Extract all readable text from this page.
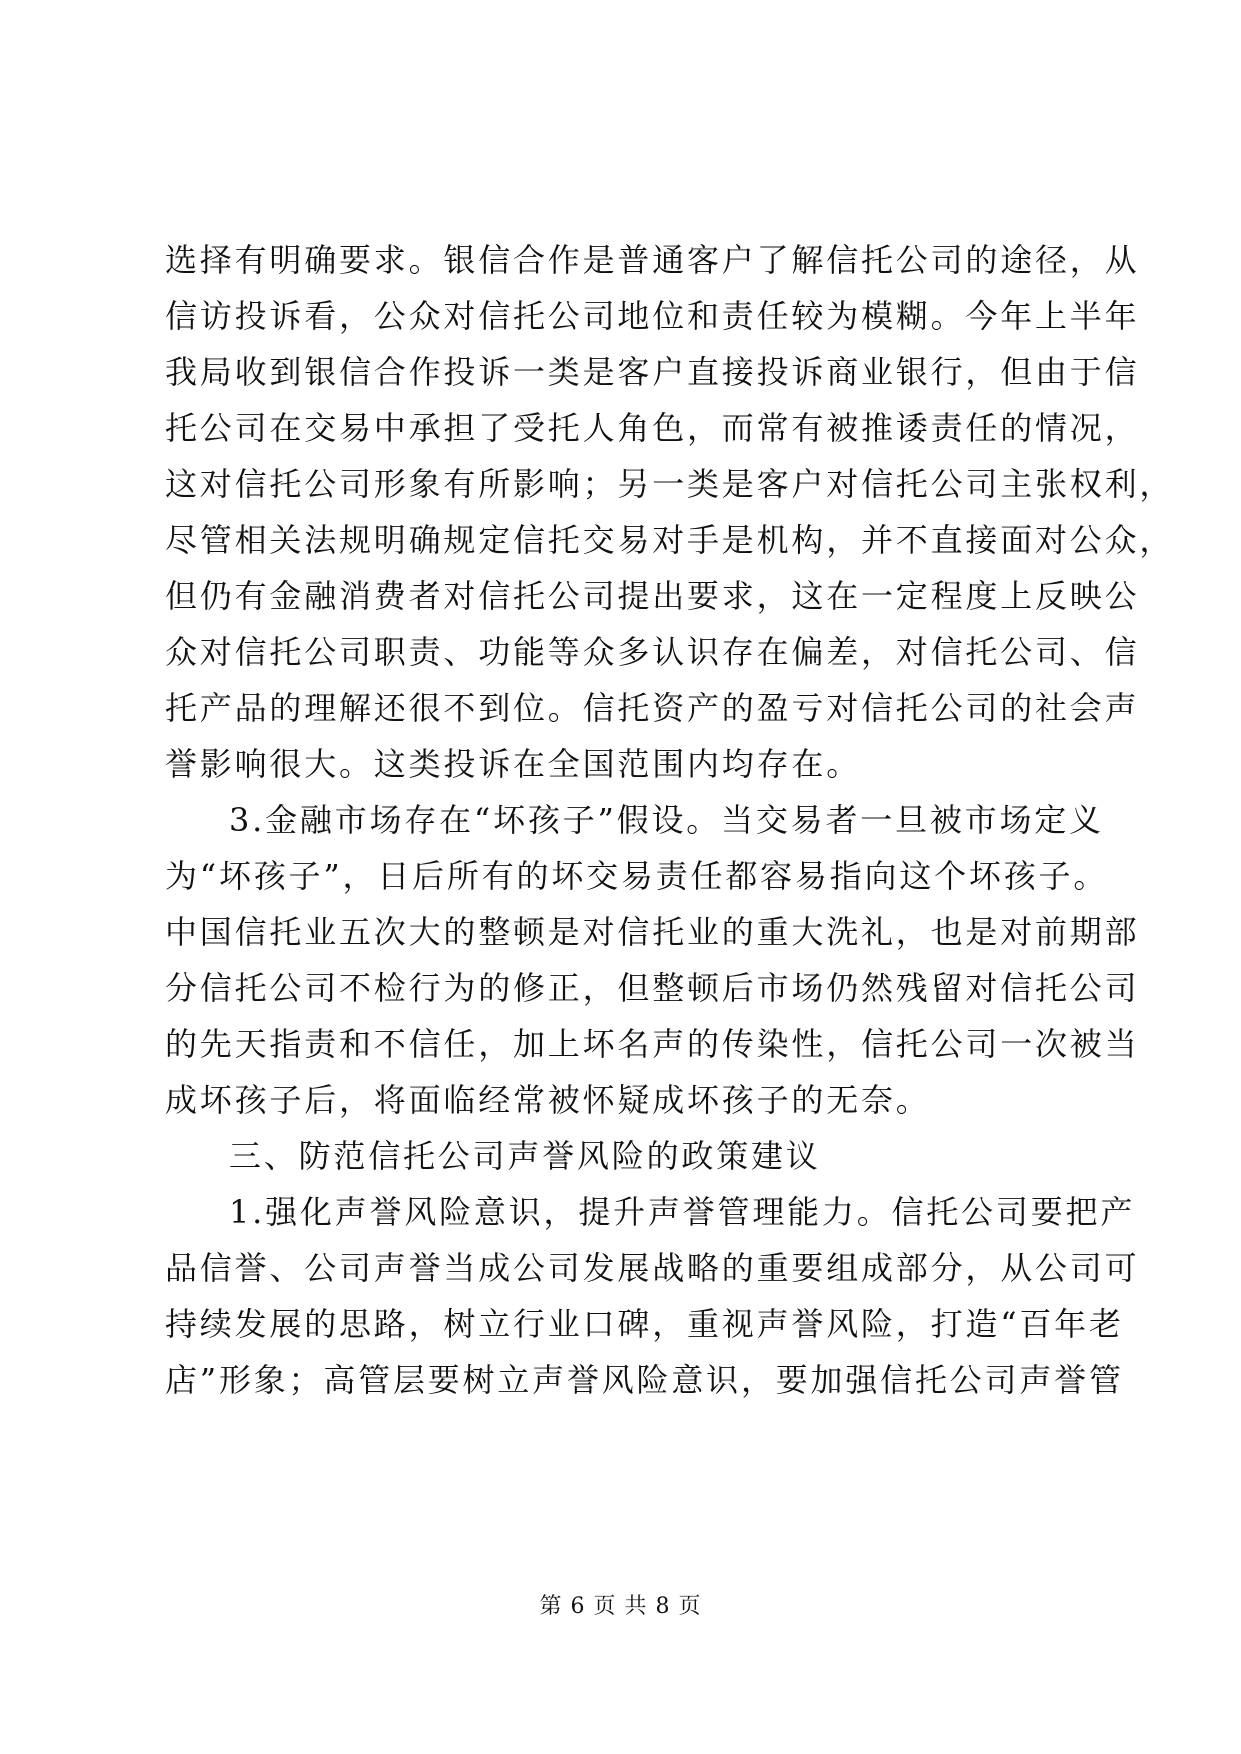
选择有明确要求。银信合作是普通客户了解信托公司的途径，从
信访投诉看，公众对信托公司地位和责任较为模糊。今年上半年
我局收到银信合作投诉一类是客户直接投诉商业银行，但由于信
托公司在交易中承担了受托人角色，而常有被推诿责任的情况，
这对信托公司形象有所影响；另一类是客户对信托公司主张权利，
尽管相关法规明确规定信托交易对手是机构，并不直接面对公众，
但仍有金融消费者对信托公司提出要求，这在一定程度上反映公
众对信托公司职责、功能等众多认识存在偏差，对信托公司、信
托产品的理解还很不到位。信托资产的盈亏对信托公司的社会声
誉影响很大。这类投诉在全国范围内均存在。
3.金融市场存在“坏孩子”假设。当交易者一旦被市场定义
为“坏孩子”，日后所有的坏交易责任都容易指向这个坏孩子。
中国信托业五次大的整顿是对信托业的重大洗礼，也是对前期部
分信托公司不检行为的修正，但整顿后市场仍然残留对信托公司
的先天指责和不信任，加上坏名声的传染性，信托公司一次被当
成坏孩子后，将面临经常被怀疑成坏孩子的无奈。
三、防范信托公司声誉风险的政策建议
1.强化声誉风险意识，提升声誉管理能力。信托公司要把产
品信誉、公司声誉当成公司发展战略的重要组成部分，从公司可
持续发展的思路，树立行业口碑，重视声誉风险，打造“百年老
店”形象；高管层要树立声誉风险意识，要加强信托公司声誉管
第 6 页 共 8 页
